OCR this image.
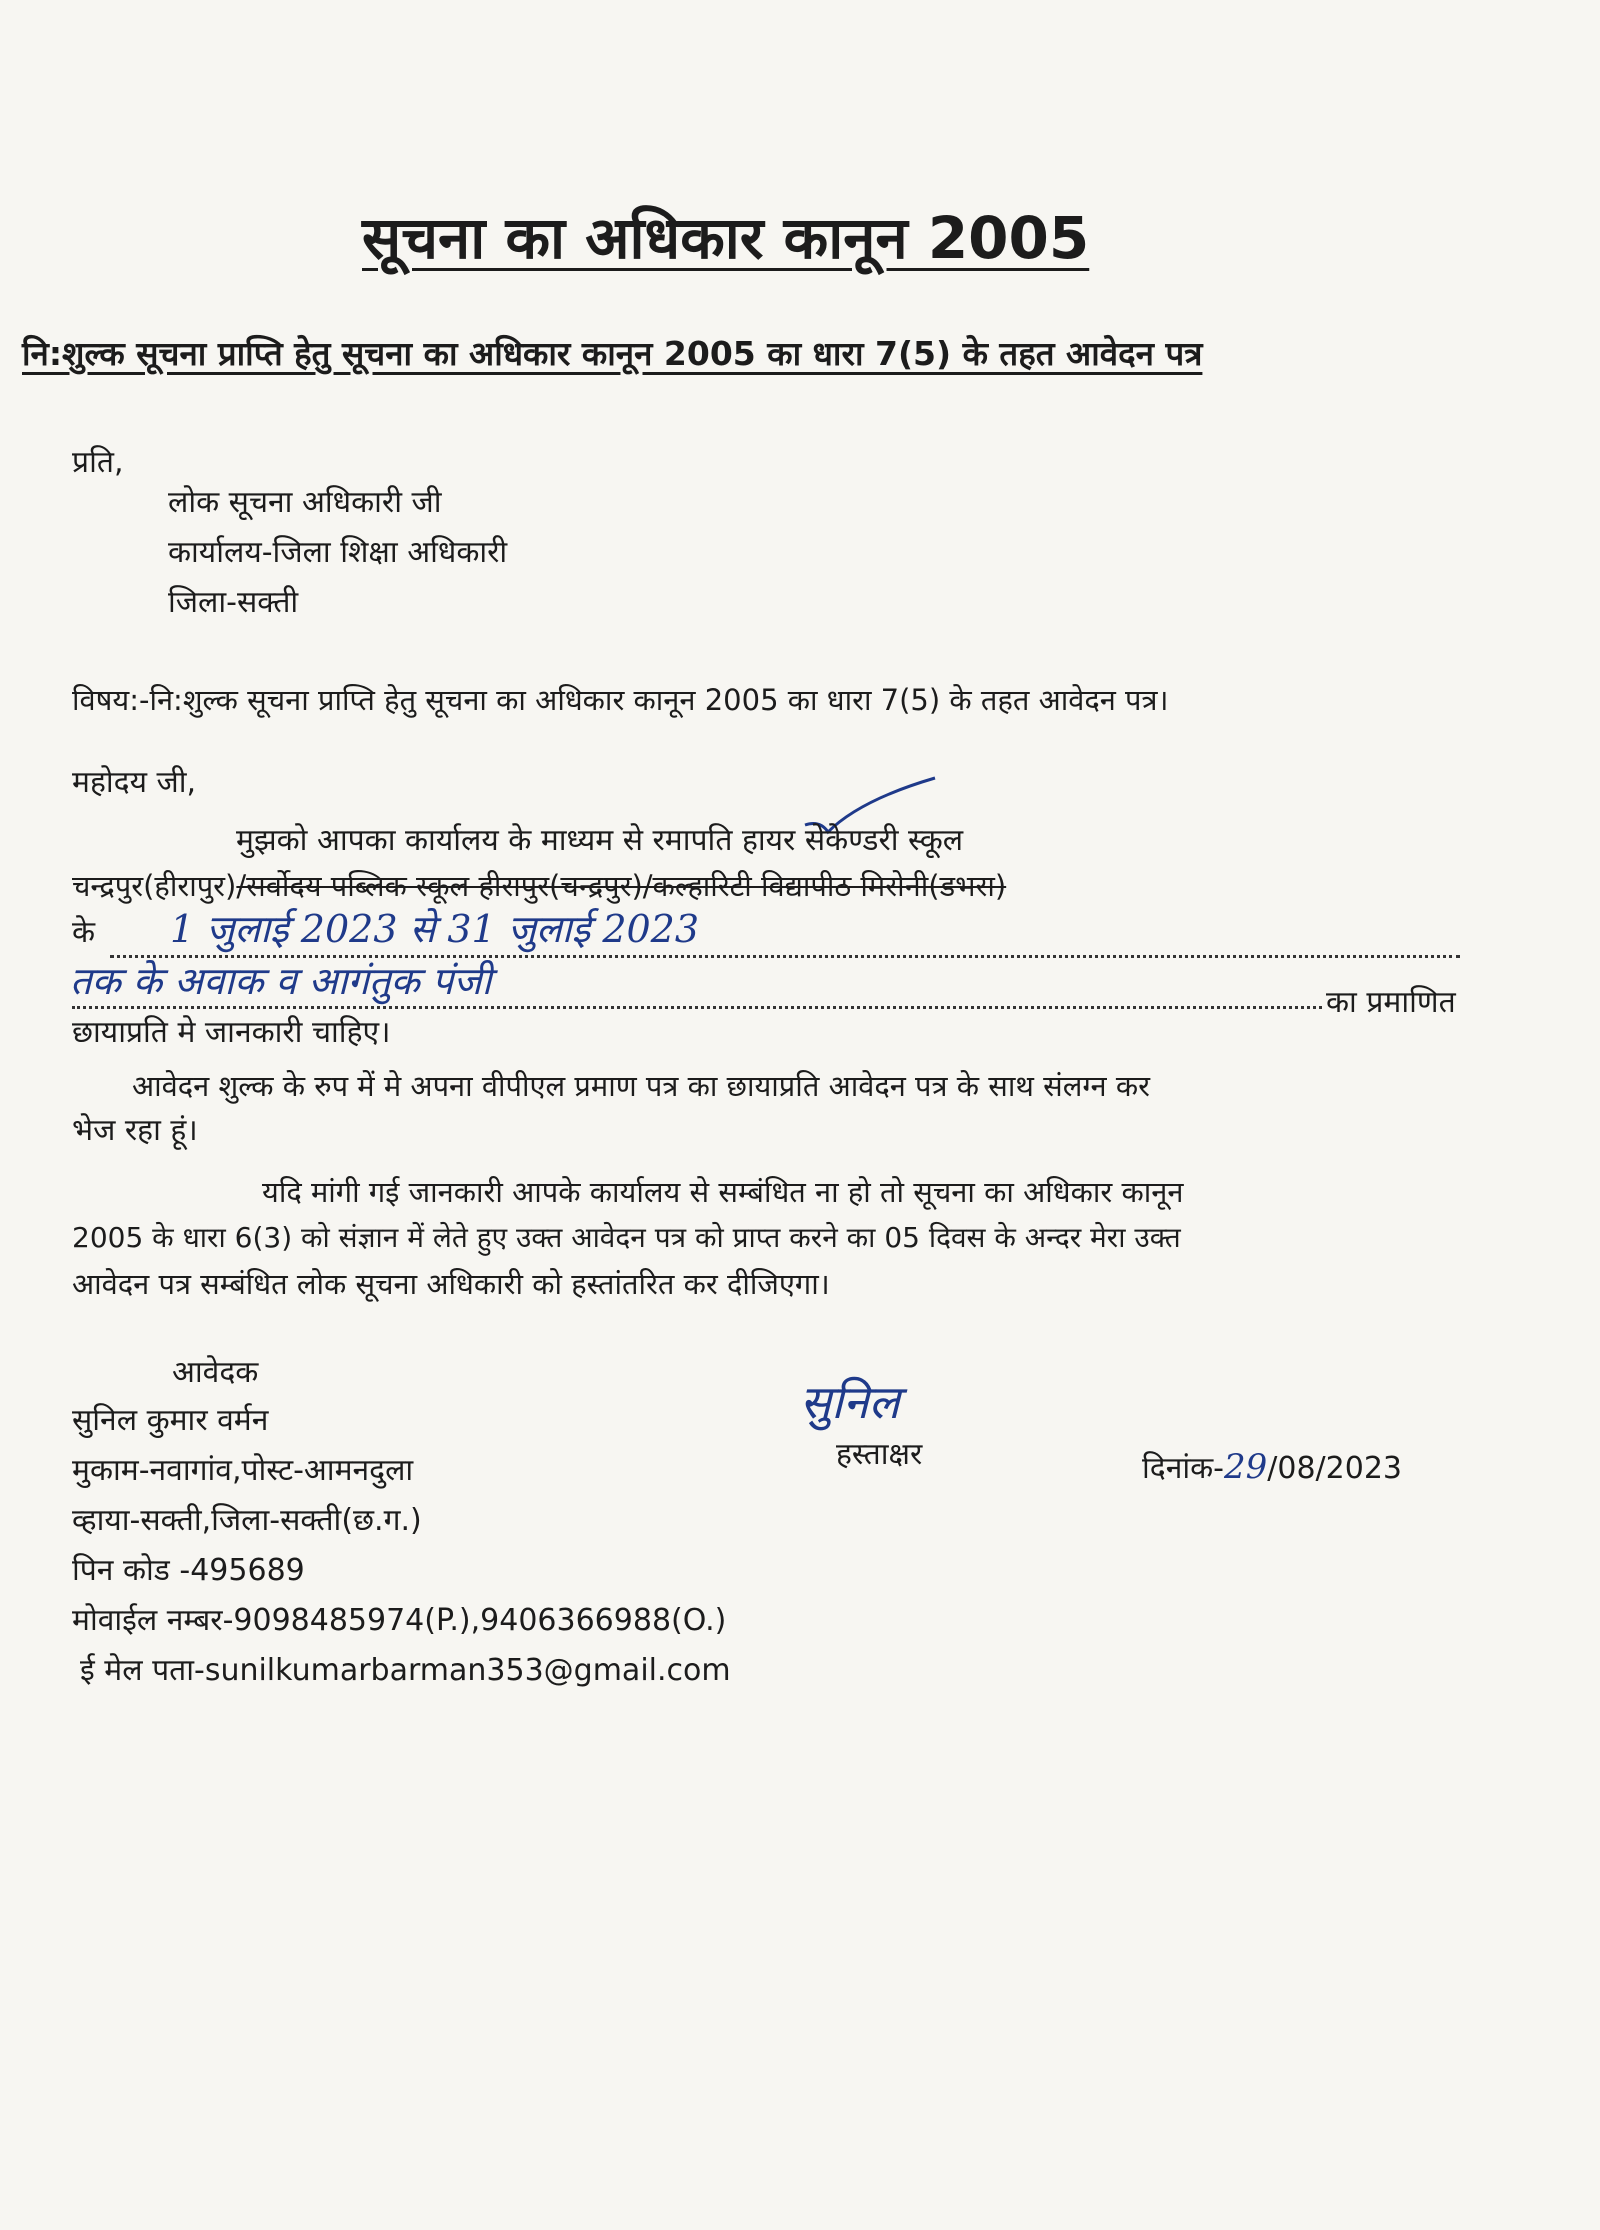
सूचना का अधिकार कानून 2005
नि:शुल्क सूचना प्राप्ति हेतु सूचना का अधिकार कानून 2005 का धारा 7(5) के तहत आवेदन पत्र
प्रति,
लोक सूचना अधिकारी जी
कार्यालय-जिला शिक्षा अधिकारी
जिला-सक्ती
विषय:-नि:शुल्क सूचना प्राप्ति हेतु सूचना का अधिकार कानून 2005 का धारा 7(5) के तहत आवेदन पत्र।
महोदय जी,
मुझको आपका कार्यालय के माध्यम से रमापति हायर सेकेण्डरी स्कूल
चन्द्रपुर(हीरापुर)/सर्वोदय पब्लिक स्कूल हीरापुर(चन्द्रपुर)/कल्हारिटी विद्यापीठ मिरोनी(डभरा)
के 1 जुलाई 2023 से 31 जुलाई 2023
तक के अवाक व आगंतुक पंजी	का प्रमाणित
छायाप्रति मे जानकारी चाहिए।
आवेदन शुल्क के रुप में मे अपना वीपीएल प्रमाण पत्र का छायाप्रति आवेदन पत्र के साथ संलग्न कर
भेज रहा हूं।
यदि मांगी गई जानकारी आपके कार्यालय से सम्बंधित ना हो तो सूचना का अधिकार कानून
2005 के धारा 6(3) को संज्ञान में लेते हुए उक्त आवेदन पत्र को प्राप्त करने का 05 दिवस के अन्दर मेरा उक्त
आवेदन पत्र सम्बंधित लोक सूचना अधिकारी को हस्तांतरित कर दीजिएगा।
आवेदक
सुनिल कुमार वर्मन
मुकाम-नवागांव,पोस्ट-आमनदुला
व्हाया-सक्ती,जिला-सक्ती(छ.ग.)
पिन कोड -495689
मोवाईल नम्बर-9098485974(P.),9406366988(O.)
ई मेल पता-sunilkumarbarman353@gmail.com
सुनिल
हस्ताक्षर	दिनांक-29/08/2023
